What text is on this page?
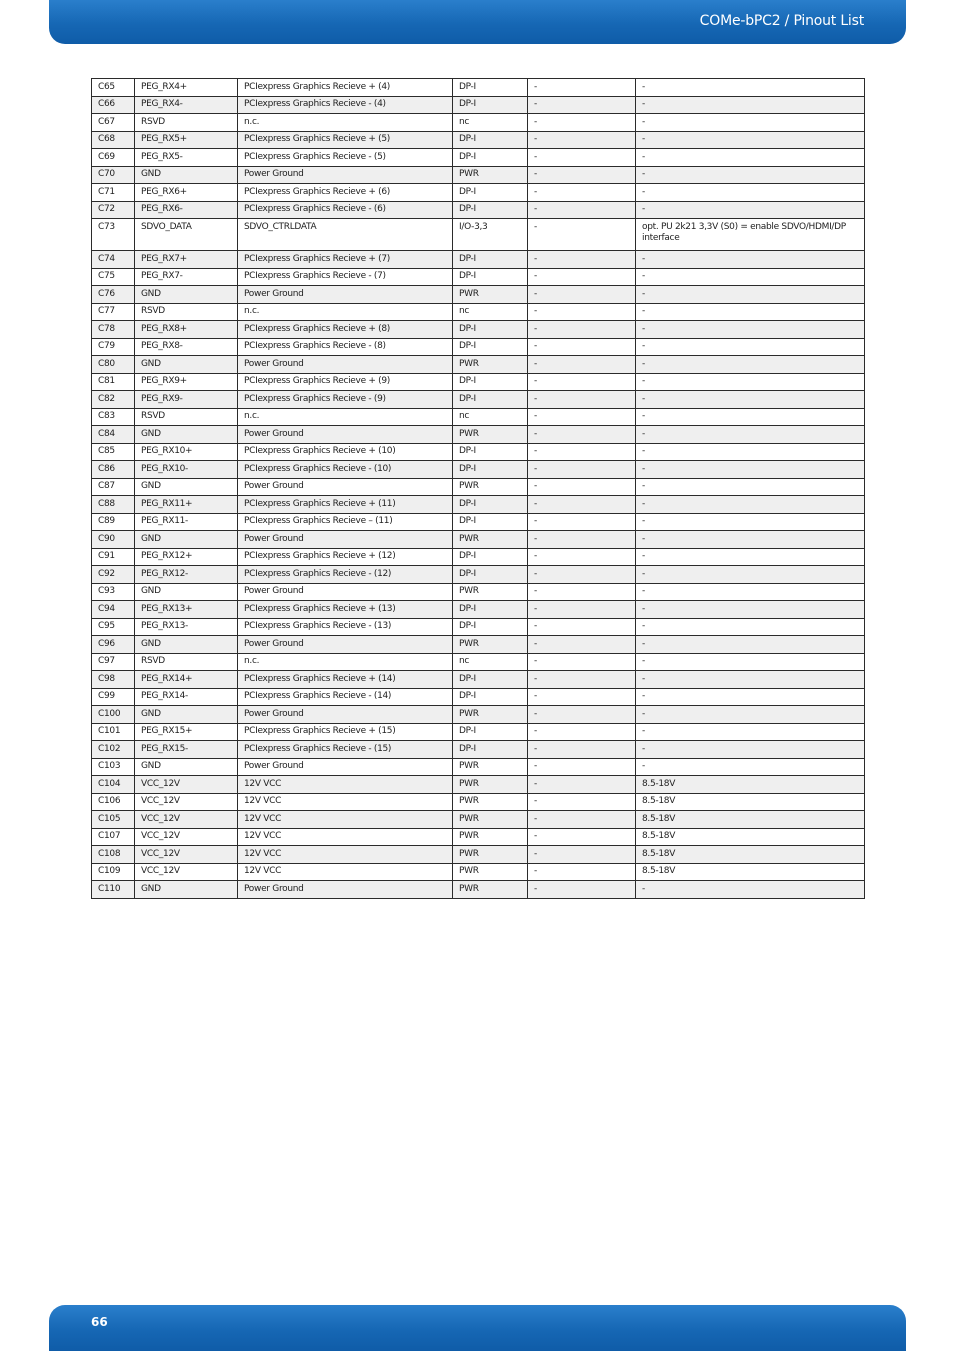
COMe-bPC2 / Pinout List
C65	PEG_RX4+	PCIexpress Graphics Recieve + (4)	DP-I	-	-
C66	PEG_RX4-	PCIexpress Graphics Recieve - (4)	DP-I	-	-
C67	RSVD	n.c.	nc	-	-
C68	PEG_RX5+	PCIexpress Graphics Recieve + (5)	DP-I	-	-
C69	PEG_RX5-	PCIexpress Graphics Recieve - (5)	DP-I	-	-
C70	GND	Power Ground	PWR	-	-
C71	PEG_RX6+	PCIexpress Graphics Recieve + (6)	DP-I	-	-
C72	PEG_RX6-	PCIexpress Graphics Recieve - (6)	DP-I	-	-
C73	SDVO_DATA	SDVO_CTRLDATA	I/O-3,3	-	opt. PU 2k21 3,3V (S0) = enable SDVO/HDMI/DP interface
C74	PEG_RX7+	PCIexpress Graphics Recieve + (7)	DP-I	-	-
C75	PEG_RX7-	PCIexpress Graphics Recieve - (7)	DP-I	-	-
C76	GND	Power Ground	PWR	-	-
C77	RSVD	n.c.	nc	-	-
C78	PEG_RX8+	PCIexpress Graphics Recieve + (8)	DP-I	-	-
C79	PEG_RX8-	PCIexpress Graphics Recieve - (8)	DP-I	-	-
C80	GND	Power Ground	PWR	-	-
C81	PEG_RX9+	PCIexpress Graphics Recieve + (9)	DP-I	-	-
C82	PEG_RX9-	PCIexpress Graphics Recieve - (9)	DP-I	-	-
C83	RSVD	n.c.	nc	-	-
C84	GND	Power Ground	PWR	-	-
C85	PEG_RX10+	PCIexpress Graphics Recieve + (10)	DP-I	-	-
C86	PEG_RX10-	PCIexpress Graphics Recieve - (10)	DP-I	-	-
C87	GND	Power Ground	PWR	-	-
C88	PEG_RX11+	PCIexpress Graphics Recieve + (11)	DP-I	-	-
C89	PEG_RX11-	PCIexpress Graphics Recieve – (11)	DP-I	-	-
C90	GND	Power Ground	PWR	-	-
C91	PEG_RX12+	PCIexpress Graphics Recieve + (12)	DP-I	-	-
C92	PEG_RX12-	PCIexpress Graphics Recieve - (12)	DP-I	-	-
C93	GND	Power Ground	PWR	-	-
C94	PEG_RX13+	PCIexpress Graphics Recieve + (13)	DP-I	-	-
C95	PEG_RX13-	PCIexpress Graphics Recieve - (13)	DP-I	-	-
C96	GND	Power Ground	PWR	-	-
C97	RSVD	n.c.	nc	-	-
C98	PEG_RX14+	PCIexpress Graphics Recieve + (14)	DP-I	-	-
C99	PEG_RX14-	PCIexpress Graphics Recieve - (14)	DP-I	-	-
C100	GND	Power Ground	PWR	-	-
C101	PEG_RX15+	PCIexpress Graphics Recieve + (15)	DP-I	-	-
C102	PEG_RX15-	PCIexpress Graphics Recieve - (15)	DP-I	-	-
C103	GND	Power Ground	PWR	-	-
C104	VCC_12V	12V VCC	PWR	-	8.5-18V
C106	VCC_12V	12V VCC	PWR	-	8.5-18V
C105	VCC_12V	12V VCC	PWR	-	8.5-18V
C107	VCC_12V	12V VCC	PWR	-	8.5-18V
C108	VCC_12V	12V VCC	PWR	-	8.5-18V
C109	VCC_12V	12V VCC	PWR	-	8.5-18V
C110	GND	Power Ground	PWR	-	-
66
